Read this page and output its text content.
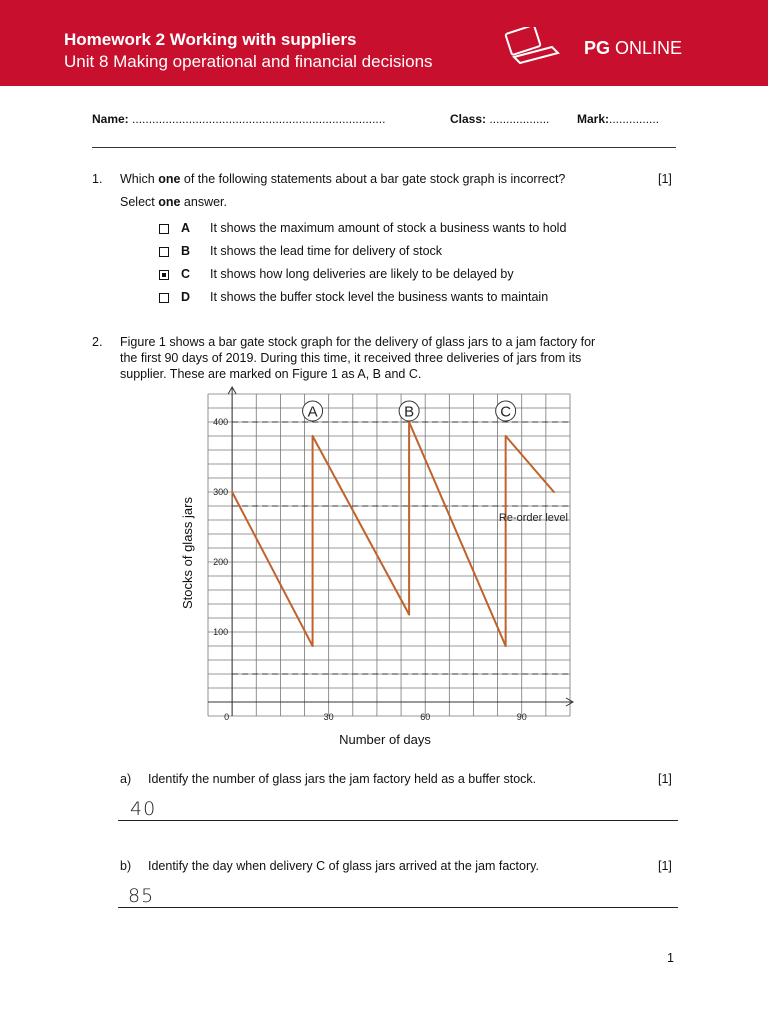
Homework 2 Working with suppliers
Unit 8 Making operational and financial decisions
PG ONLINE
Name: ............................................................................	Class: .................. Mark:...............
1. Which one of the following statements about a bar gate stock graph is incorrect?	[1]
Select one answer.
A It shows the maximum amount of stock a business wants to hold
B It shows the lead time for delivery of stock
C It shows how long deliveries are likely to be delayed by
D It shows the buffer stock level the business wants to maintain
2. Figure 1 shows a bar gate stock graph for the delivery of glass jars to a jam factory for
the first 90 days of 2019. During this time, it received three deliveries of jars from its
supplier. These are marked on Figure 1 as A, B and C.
100
200
300
400
0	30	60	90
Re-order level
A	B	C
Number of days
Stocks of glass jars
a) Identify the number of glass jars the jam factory held as a buffer stock.	[1]
40
b) Identify the day when delivery C of glass jars arrived at the jam factory.	[1]
85
1
